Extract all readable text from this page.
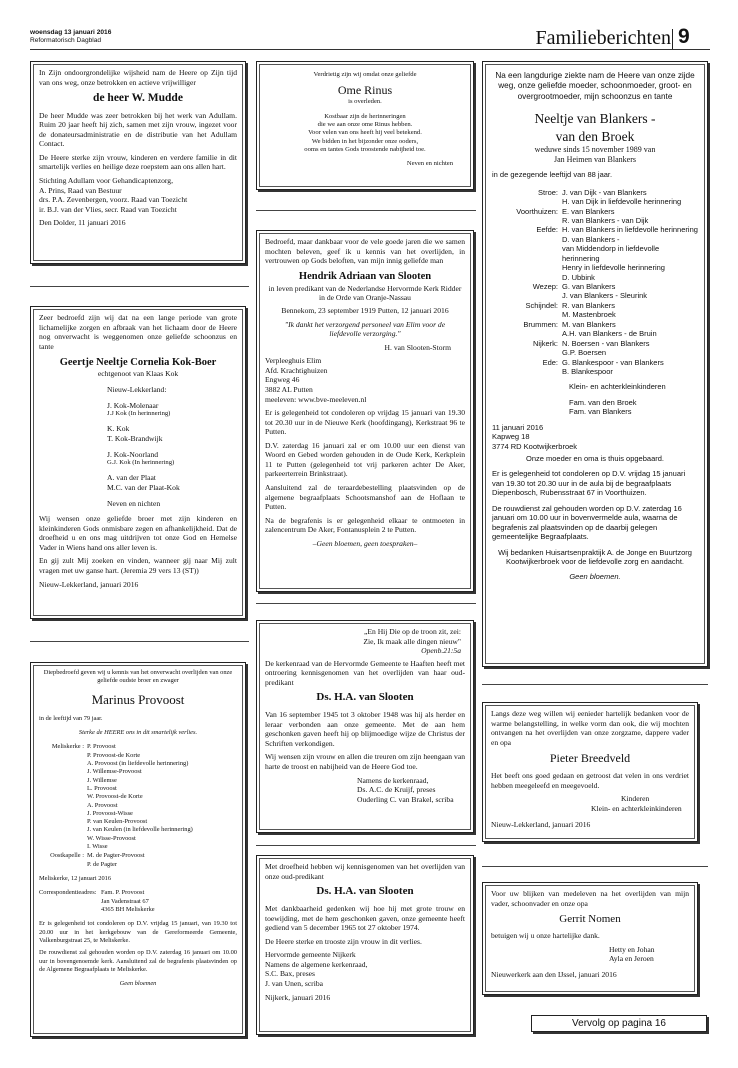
woensdag 13 januari 2016
Reformatorisch Dagblad	Familieberichten 9
In Zijn ondoorgrondelijke wijsheid nam de Heere op Zijn tijd van ons weg, onze betrokken en actieve vrijwilliger
de heer W. Mudde
De heer Mudde was zeer betrokken bij het werk van Adullam. Ruim 20 jaar heeft hij zich, samen met zijn vrouw, ingezet voor de donateursadministratie en de distributie van het Adullam Contact.
De Heere sterke zijn vrouw, kinderen en verdere familie in dit smartelijk verlies en heilige deze roepstem aan ons allen hart.
Stichting Adullam voor Gehandicaptenzorg,
A. Prins, Raad van Bestuur
drs. P.A. Zevenbergen, voorz. Raad van Toezicht
ir. B.J. van der Vlies, secr. Raad van Toezicht
Den Dolder, 11 januari 2016
Verdrietig zijn wij omdat onze geliefde
Ome Rinus
is overleden.
Kostbaar zijn de herinneringen
die we aan onze ome Rinus hebben.
Voor velen van ons heeft hij veel betekend.
We bidden in het bijzonder onze ooders,
ooms en tantes Gods troostende nabijheid toe.
Neven en nichten
Na een langdurige ziekte nam de Heere van onze zijde weg, onze geliefde moeder, schoonmoeder, groot- en overgrootmoeder, mijn schoonzus en tante
Neeltje van Blankers -
van den Broek
weduwe sinds 15 november 1989 van
Jan Heimen van Blankers
in de gezegende leeftijd van 88 jaar.
Stroe: J. van Dijk - van Blankers
H. van Dijk in liefdevolle herinnering
Voorthuizen: E. van Blankers
R. van Blankers - van Dijk
Eefde: H. van Blankers in liefdevolle herinnering
D. van Blankers -
van Middendorp in liefdevolle herinnering
Henry in liefdevolle herinnering
D. Ubbink
Wezep: G. van Blankers
J. van Blankers - Sleurink
Schijndel: R. van Blankers
M. Mastenbroek
Brummen: M. van Blankers
A.H. van Blankers - de Bruin
Nijkerk: N. Boersen - van Blankers
G.P. Boersen
Ede: G. Blankespoor - van Blankers
B. Blankespoor
Klein- en achterkleinkinderen
Fam. van den Broek
Fam. van Blankers
11 januari 2016
Kapweg 18
3774 RD Kootwijkerbroek
Onze moeder en oma is thuis opgebaard.
Er is gelegenheid tot condoleren op D.V. vrijdag 15 januari van 19.30 tot 20.30 uur in de aula bij de begraafplaats Diepenbosch, Rubensstraat 67 in Voorthuizen.
De rouwdienst zal gehouden worden op D.V. zaterdag 16 januari om 10.00 uur in bovenvermelde aula, waarna de begrafenis zal plaatsvinden op de daarbij gelegen gemeentelijke Begraafplaats.
Wij bedanken Huisartsenpraktijk A. de Jonge en Buurtzorg Kootwijkerbroek voor de liefdevolle zorg en aandacht.
Geen bloemen.
Bedroefd, maar dankbaar voor de vele goede jaren die we samen mochten beleven, geef ik u kennis van het overlijden, in vertrouwen op Gods beloften, van mijn innig geliefde man
Hendrik Adriaan van Slooten
in leven predikant van de Nederlandse Hervormde Kerk Ridder in de Orde van Oranje-Nassau
Bennekom, 23 september 1919 Putten, 12 januari 2016
"Ik dankt het verzorgend personeel van Elim voor de liefdevolle verzorging."
H. van Slooten-Storm
Verpleeghuis Elim
Afd. Krachtighuizen
Engweg 46
3882 AL Putten
meeleven: www.bve-meeleven.nl
Er is gelegenheid tot condoleren op vrijdag 15 januari van 19.30 tot 20.30 uur in de Nieuwe Kerk (hoofdingang), Kerkstraat 96 te Putten.
D.V. zaterdag 16 januari zal er om 10.00 uur een dienst van Woord en Gebed worden gehouden in de Oude Kerk, Kerkplein 11 te Putten (gelegenheid tot vrij parkeren achter De Aker, parkeerterrein Brinkstraat).
Aansluitend zal de teraardebestelling plaatsvinden op de algemene begraafplaats Schootsmanshof aan de Hoflaan te Putten.
Na de begrafenis is er gelegenheid elkaar te ontmoeten in zalencentrum De Aker, Fontanusplein 2 te Putten.
–Geen bloemen, geen toespraken–
Zeer bedroefd zijn wij dat na een lange periode van grote lichamelijke zorgen en afbraak van het lichaam door de Heere nog onverwacht is weggenomen onze geliefde schoonzus en tante
Geertje Neeltje Cornelia Kok-Boer
echtgenoot van Klaas Kok
Nieuw-Lekkerland:
J. Kok-Molenaar
J.J Kok (In herinnering)
K. Kok
T. Kok-Brandwijk
J. Kok-Noorland
G.J. Kok (In herinnering)
A. van der Plaat
M.C. van der Plaat-Kok
Neven en nichten
Wij wensen onze geliefde broer met zijn kinderen en kleinkinderen Gods onmisbare zegen en afhankelijkheid. Dat de droefheid u en ons mag uitdrijven tot onze God en Hemelse Vader in Wiens hand ons aller leven is.
En gij zult Mij zoeken en vinden, wanneer gij naar Mij zult vragen met uw ganse hart. (Jeremia 29 vers 13 (ST))
Nieuw-Lekkerland, januari 2016
„En Hij Die op de troon zit, zei:
Zie, Ik maak alle dingen nieuw"
Openb.21:5a
De kerkenraad van de Hervormde Gemeente te Haaften heeft met ontroering kennisgenomen van het overlijden van haar oud-predikant
Ds. H.A. van Slooten
Van 16 september 1945 tot 3 oktober 1948 was hij als herder en leraar verbonden aan onze gemeente. Met de aan hem geschonken gaven heeft hij op blijmoedige wijze de Christus der Schriften verkondigen.
Wij wensen zijn vrouw en allen die treuren om zijn heengaan van harte de troost en nabijheid van de Heere God toe.
Namens de kerkenraad,
Ds. A.C. de Kruijf, preses
Ouderling C. van Brakel, scriba
Diepbedroefd geven wij u kennis van het onverwacht overlijden van onze geliefde oudste broer en zwager
Marinus Provoost
in de leeftijd van 79 jaar.
Sterke de HEERE ons in dit smartelijk verlies.
Meliskerke : P. Provoost
P. Provoost-de Korte
A. Provoost (in liefdevolle herinnering)
J. Willemse-Provoost
J. Willemse
L. Provoost
W. Provoost-de Korte
A. Provoost
J. Provoost-Wisse
P. van Keulen-Provoost
J. van Keulen (in liefdevolle herinnering)
W. Wisse-Provoost
I. Wisse
Oostkapelle : M. de Pagter-Provoost
P. de Pagter
Meliskerke, 12 januari 2016
Correspondentieadres: Fam. P. Provoost
Jan Vadenstraat 67
4365 BH Meliskerke
Er is gelegenheid tot condoleren op D.V. vrijdag 15 januari, van 19.30 tot 20.00 uur in het kerkgebouw van de Gereformeerde Gemeente, Valkenburgstraat 25, te Meliskerke.
De rouwdienst zal gehouden worden op D.V. zaterdag 16 januari om 10.00 uur in bovengenoemde kerk. Aansluitend zal de begrafenis plaatsvinden op de Algemene Begraafplaats te Meliskerke.
Geen bloemen
Langs deze weg willen wij eenieder hartelijk bedanken voor de warme belangstelling, in welke vorm dan ook, die wij mochten ontvangen na het overlijden van onze zorgzame, dappere vader en opa
Pieter Breedveld
Het beeft ons goed gedaan en getroost dat velen in ons verdriet hebben meegeleefd en meegevoeld.
Kinderen
Klein- en achterkleinkinderen
Nieuw-Lekkerland, januari 2016
Met droefheid hebben wij kennisgenomen van het overlijden van onze oud-predikant
Ds. H.A. van Slooten
Met dankbaarheid gedenken wij hoe hij met grote trouw en toewijding, met de hem geschonken gaven, onze gemeente heeft gediend van 5 december 1965 tot 27 oktober 1974.
De Heere sterke en trooste zijn vrouw in dit verlies.
Hervormde gemeente Nijkerk
Namens de algemene kerkenraad,
S.C. Bax, preses
J. van Unen, scriba
Nijkerk, januari 2016
Voor uw blijken van medeleven na het overlijden van mijn vader, schoonvader en onze opa
Gerrit Nomen
betuigen wij u onze hartelijke dank.
Hetty en Johan
Ayla en Jeroen
Nieuwerkerk aan den IJssel, januari 2016
Vervolg op pagina 16
